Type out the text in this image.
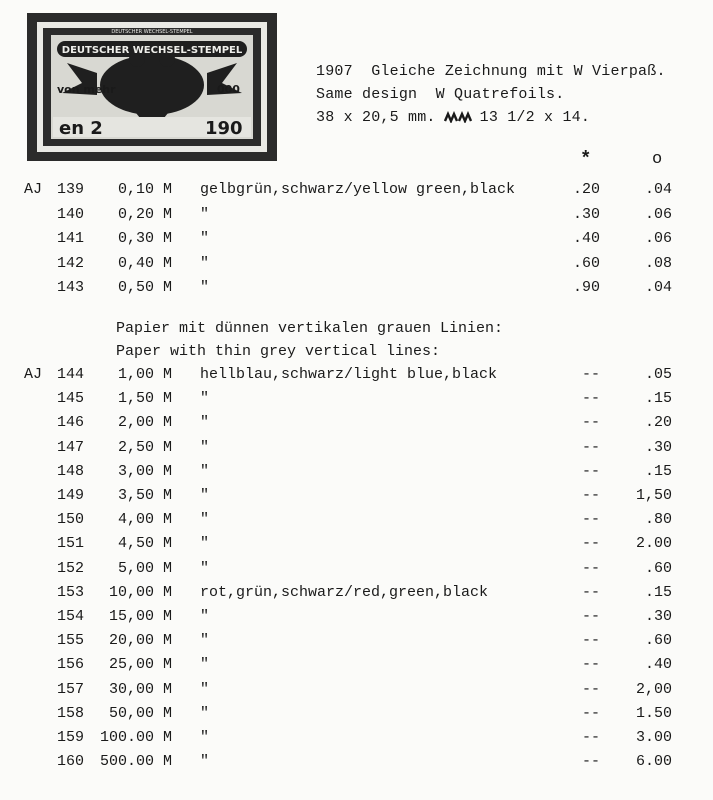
DEUTSCHER WECHSEL-STEMPEL
DEUTSCHER WECHSEL-STEMPEL
von mehr	000
en 2	190
1907  Gleiche Zeichnung mit W Vierpaß.
Same design  W Quatrefoils.
38 x 20,5 mm.	13 1/2 x 14.
*	o
AJ 139	0,10 M gelbgrün,schwarz/yellow green,black	.20	.04
140	0,20 M "	.30	.06
141	0,30 M "	.40	.06
142	0,40 M "	.60	.08
143	0,50 M "	.90	.04
Papier mit dünnen vertikalen grauen Linien:
Paper with thin grey vertical lines:
AJ 144	1,00 M hellblau,schwarz/light blue,black	--	.05
145	1,50 M "	--	.15
146	2,00 M "	--	.20
147	2,50 M "	--	.30
148	3,00 M "	--	.15
149	3,50 M "	--	1,50
150	4,00 M "	--	.80
151	4,50 M "	--	2.00
152	5,00 M "	--	.60
153	10,00 M rot,grün,schwarz/red,green,black	--	.15
154	15,00 M "	--	.30
155	20,00 M "	--	.60
156	25,00 M "	--	.40
157	30,00 M "	--	2,00
158	50,00 M "	--	1.50
159	100.00 M "	--	3.00
160	500.00 M "	--	6.00
